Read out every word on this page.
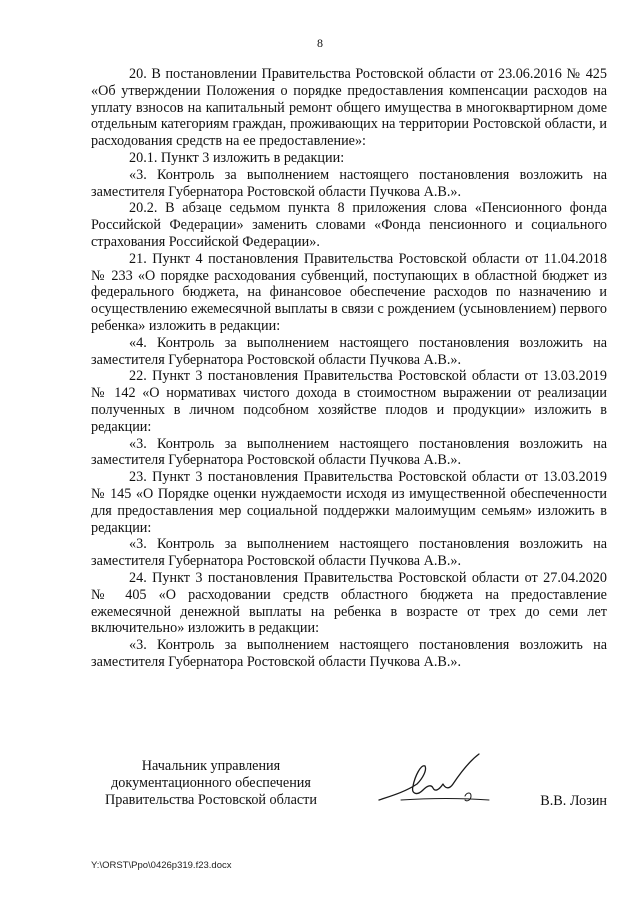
8

20. В постановлении Правительства Ростовской области от 23.06.2016 № 425 «Об утверждении Положения о порядке предоставления компенсации расходов на уплату взносов на капитальный ремонт общего имущества в многоквартирном доме отдельным категориям граждан, проживающих на территории Ростовской области, и расходования средств на ее предоставление»:

20.1. Пункт 3 изложить в редакции:

«3. Контроль за выполнением настоящего постановления возложить на заместителя Губернатора Ростовской области Пучкова А.В.».

20.2. В абзаце седьмом пункта 8 приложения слова «Пенсионного фонда Российской Федерации» заменить словами «Фонда пенсионного и социального страхования Российской Федерации».

21. Пункт 4 постановления Правительства Ростовской области от 11.04.2018 № 233 «О порядке расходования субвенций, поступающих в областной бюджет из федерального бюджета, на финансовое обеспечение расходов по назначению и осуществлению ежемесячной выплаты в связи с рождением (усыновлением) первого ребенка» изложить в редакции:

«4. Контроль за выполнением настоящего постановления возложить на заместителя Губернатора Ростовской области Пучкова А.В.».

22. Пункт 3 постановления Правительства Ростовской области от 13.03.2019 № 142 «О нормативах чистого дохода в стоимостном выражении от реализации полученных в личном подсобном хозяйстве плодов и продукции» изложить в редакции:

«3. Контроль за выполнением настоящего постановления возложить на заместителя Губернатора Ростовской области Пучкова А.В.».

23. Пункт 3 постановления Правительства Ростовской области от 13.03.2019 № 145 «О Порядке оценки нуждаемости исходя из имущественной обеспеченности для предоставления мер социальной поддержки малоимущим семьям» изложить в редакции:

«3. Контроль за выполнением настоящего постановления возложить на заместителя Губернатора Ростовской области Пучкова А.В.».

24. Пункт 3 постановления Правительства Ростовской области от 27.04.2020 № 405 «О расходовании средств областного бюджета на предоставление ежемесячной денежной выплаты на ребенка в возрасте от трех до семи лет включительно» изложить в редакции:

«3. Контроль за выполнением настоящего постановления возложить на заместителя Губернатора Ростовской области Пучкова А.В.».

Начальник управления
документационного обеспечения
Правительства Ростовской области	В.В. Лозин
Y:\ORST\Ppo\0426p319.f23.docx
